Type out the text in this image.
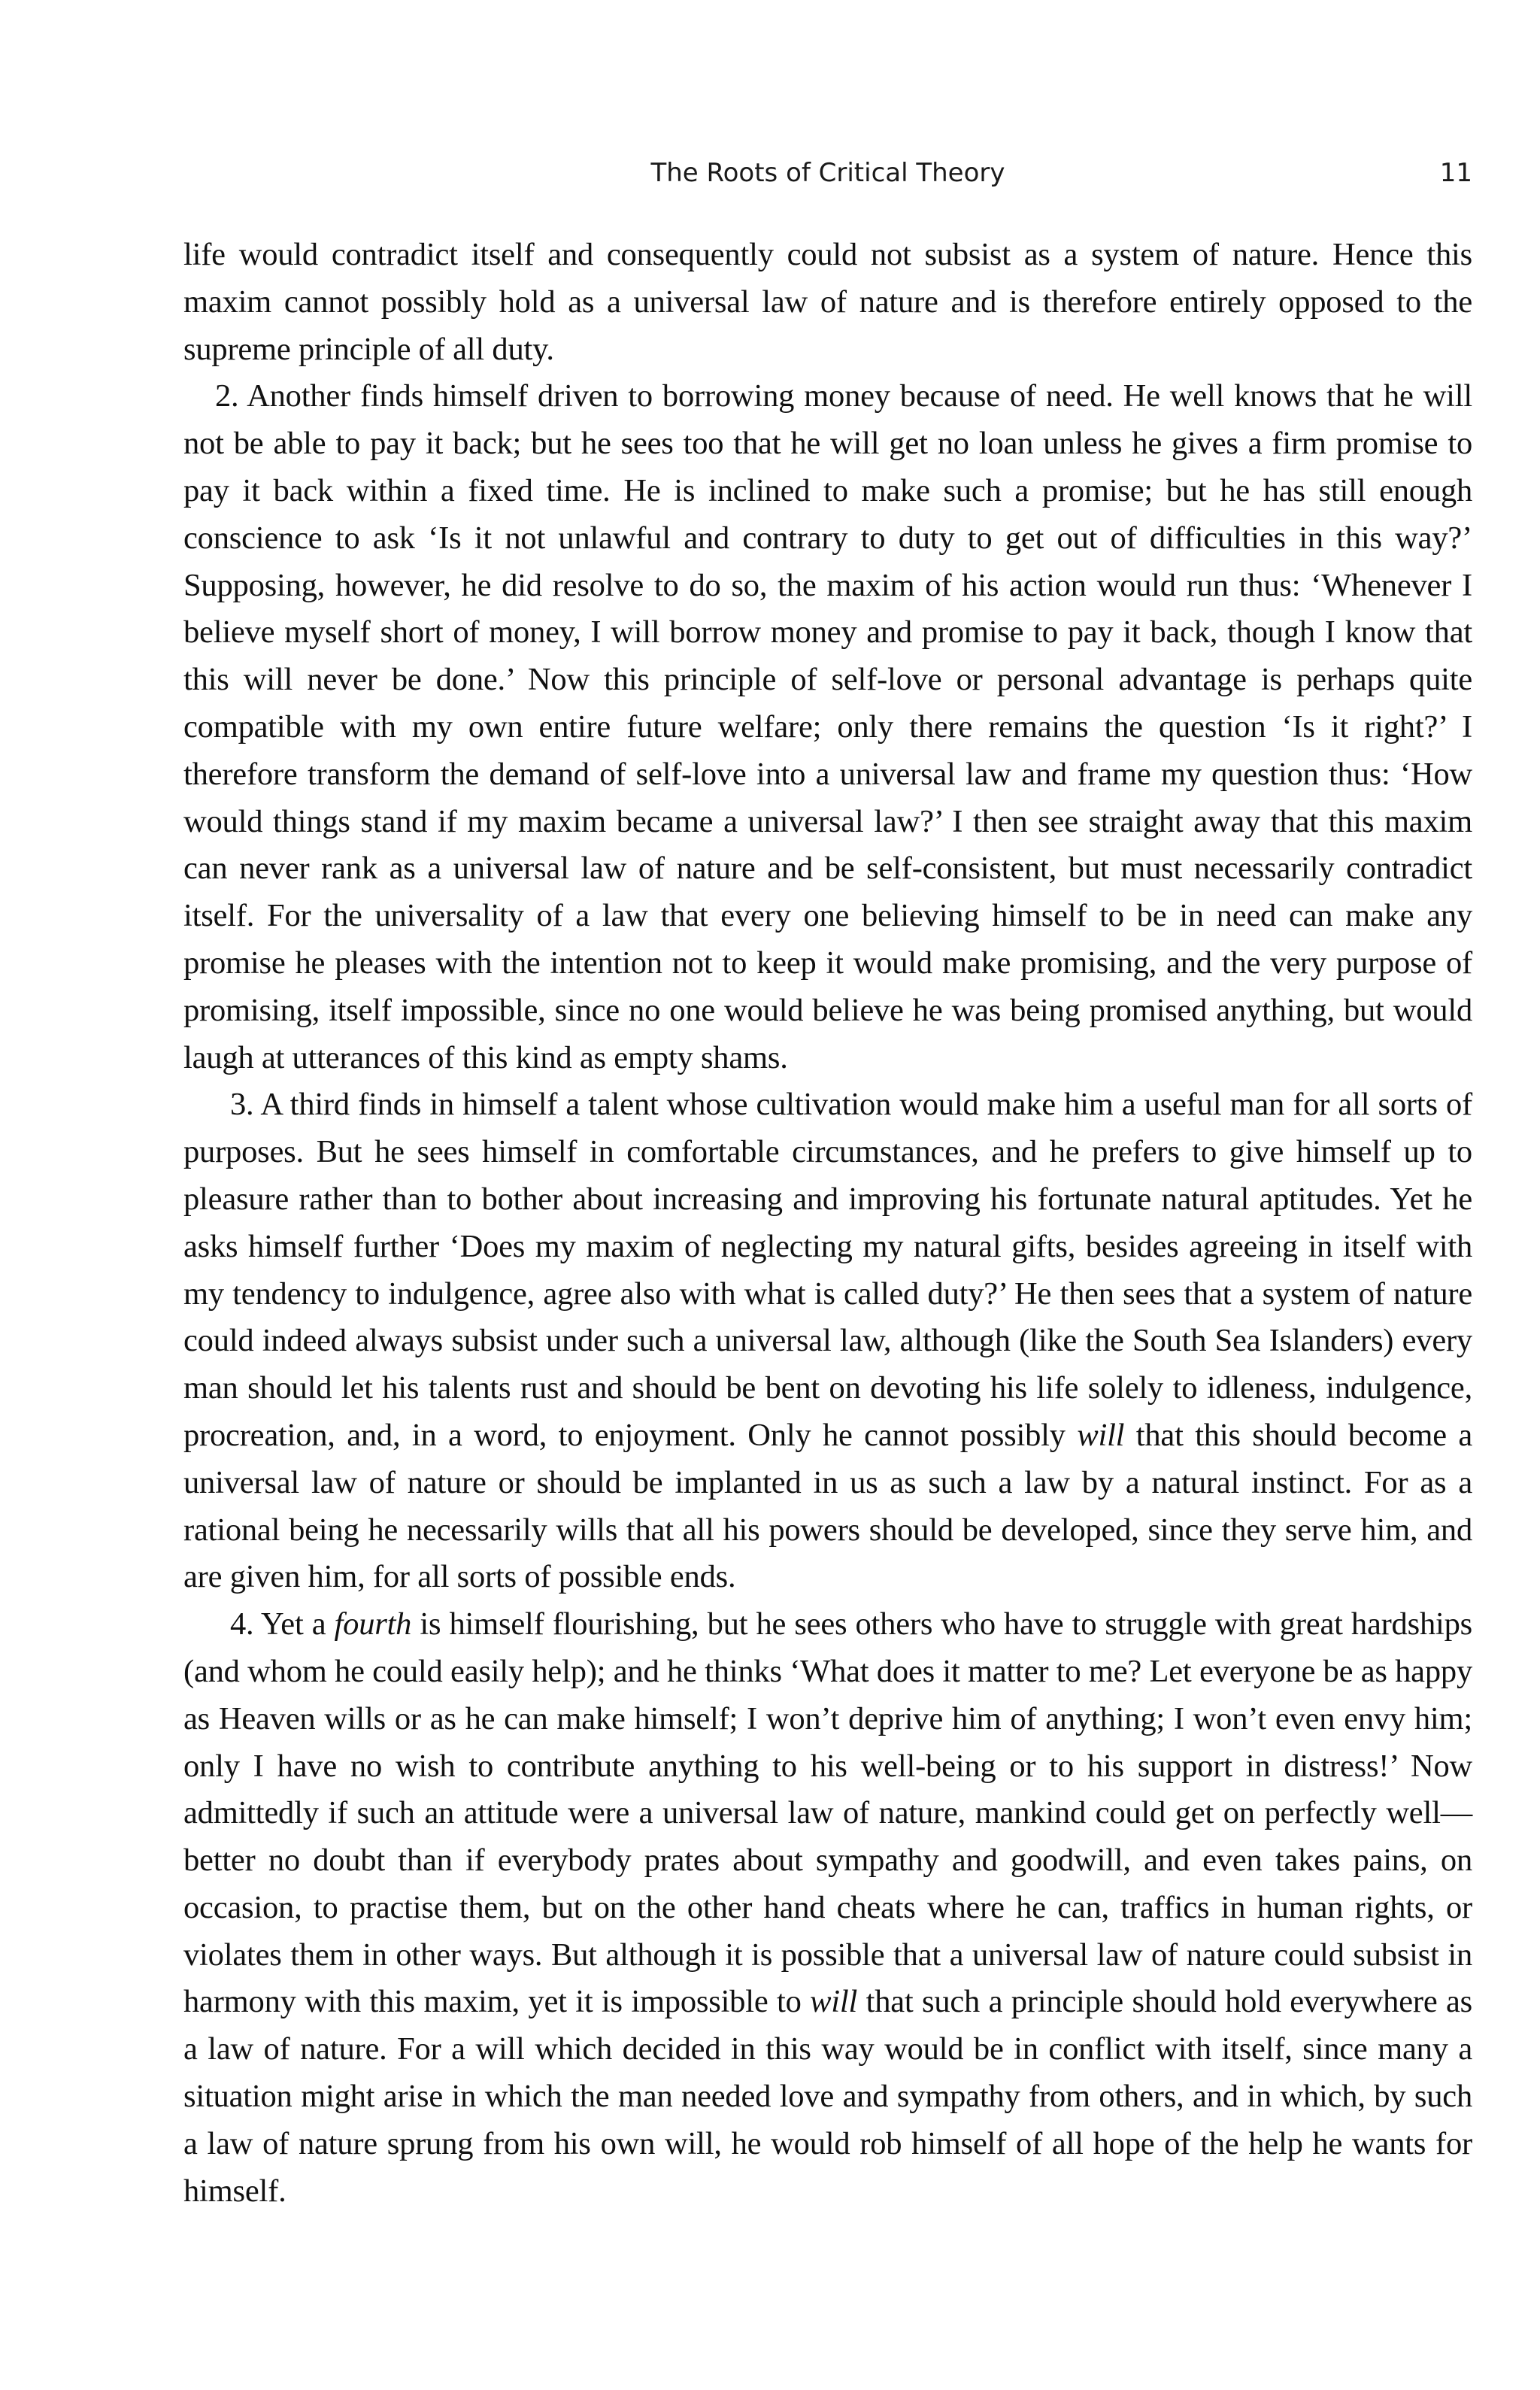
The Roots of Critical Theory	11

life would contradict itself and consequently could not subsist as a system of nature. Hence this maxim cannot possibly hold as a universal law of nature and is therefore entirely opposed to the supreme principle of all duty.

2. Another finds himself driven to borrowing money because of need. He well knows that he will not be able to pay it back; but he sees too that he will get no loan unless he gives a firm promise to pay it back within a fixed time. He is inclined to make such a promise; but he has still enough conscience to ask ‘Is it not unlawful and contrary to duty to get out of difficulties in this way?’ Supposing, however, he did resolve to do so, the maxim of his action would run thus: ‘Whenever I believe myself short of money, I will borrow money and promise to pay it back, though I know that this will never be done.’ Now this principle of self-love or personal advantage is perhaps quite compatible with my own entire future welfare; only there remains the question ‘Is it right?’ I therefore transform the demand of self-love into a universal law and frame my question thus: ‘How would things stand if my maxim became a universal law?’ I then see straight away that this maxim can never rank as a universal law of nature and be self-consistent, but must necessarily contradict itself. For the universality of a law that every one believing himself to be in need can make any promise he pleases with the intention not to keep it would make promising, and the very purpose of promising, itself impossible, since no one would believe he was being promised anything, but would laugh at utterances of this kind as empty shams.

3. A third finds in himself a talent whose cultivation would make him a useful man for all sorts of purposes. But he sees himself in comfortable circumstances, and he prefers to give himself up to pleasure rather than to bother about increasing and improving his fortunate natural aptitudes. Yet he asks himself further ‘Does my maxim of neglecting my natural gifts, besides agreeing in itself with my tendency to indulgence, agree also with what is called duty?’ He then sees that a system of nature could indeed always subsist under such a universal law, although (like the South Sea Islanders) every man should let his talents rust and should be bent on devoting his life solely to idleness, indulgence, procreation, and, in a word, to enjoyment. Only he cannot possibly will that this should become a universal law of nature or should be implanted in us as such a law by a natural instinct. For as a rational being he necessarily wills that all his powers should be developed, since they serve him, and are given him, for all sorts of possible ends.

4. Yet a fourth is himself flourishing, but he sees others who have to struggle with great hardships (and whom he could easily help); and he thinks ‘What does it matter to me? Let everyone be as happy as Heaven wills or as he can make himself; I won’t deprive him of anything; I won’t even envy him; only I have no wish to contribute anything to his well-being or to his support in distress!’ Now admittedly if such an attitude were a universal law of nature, mankind could get on perfectly well—better no doubt than if everybody prates about sympathy and goodwill, and even takes pains, on occasion, to practise them, but on the other hand cheats where he can, traffics in human rights, or violates them in other ways. But although it is possible that a universal law of nature could subsist in harmony with this maxim, yet it is impossible to will that such a principle should hold everywhere as a law of nature. For a will which decided in this way would be in conflict with itself, since many a situation might arise in which the man needed love and sympathy from others, and in which, by such a law of nature sprung from his own will, he would rob himself of all hope of the help he wants for himself.
